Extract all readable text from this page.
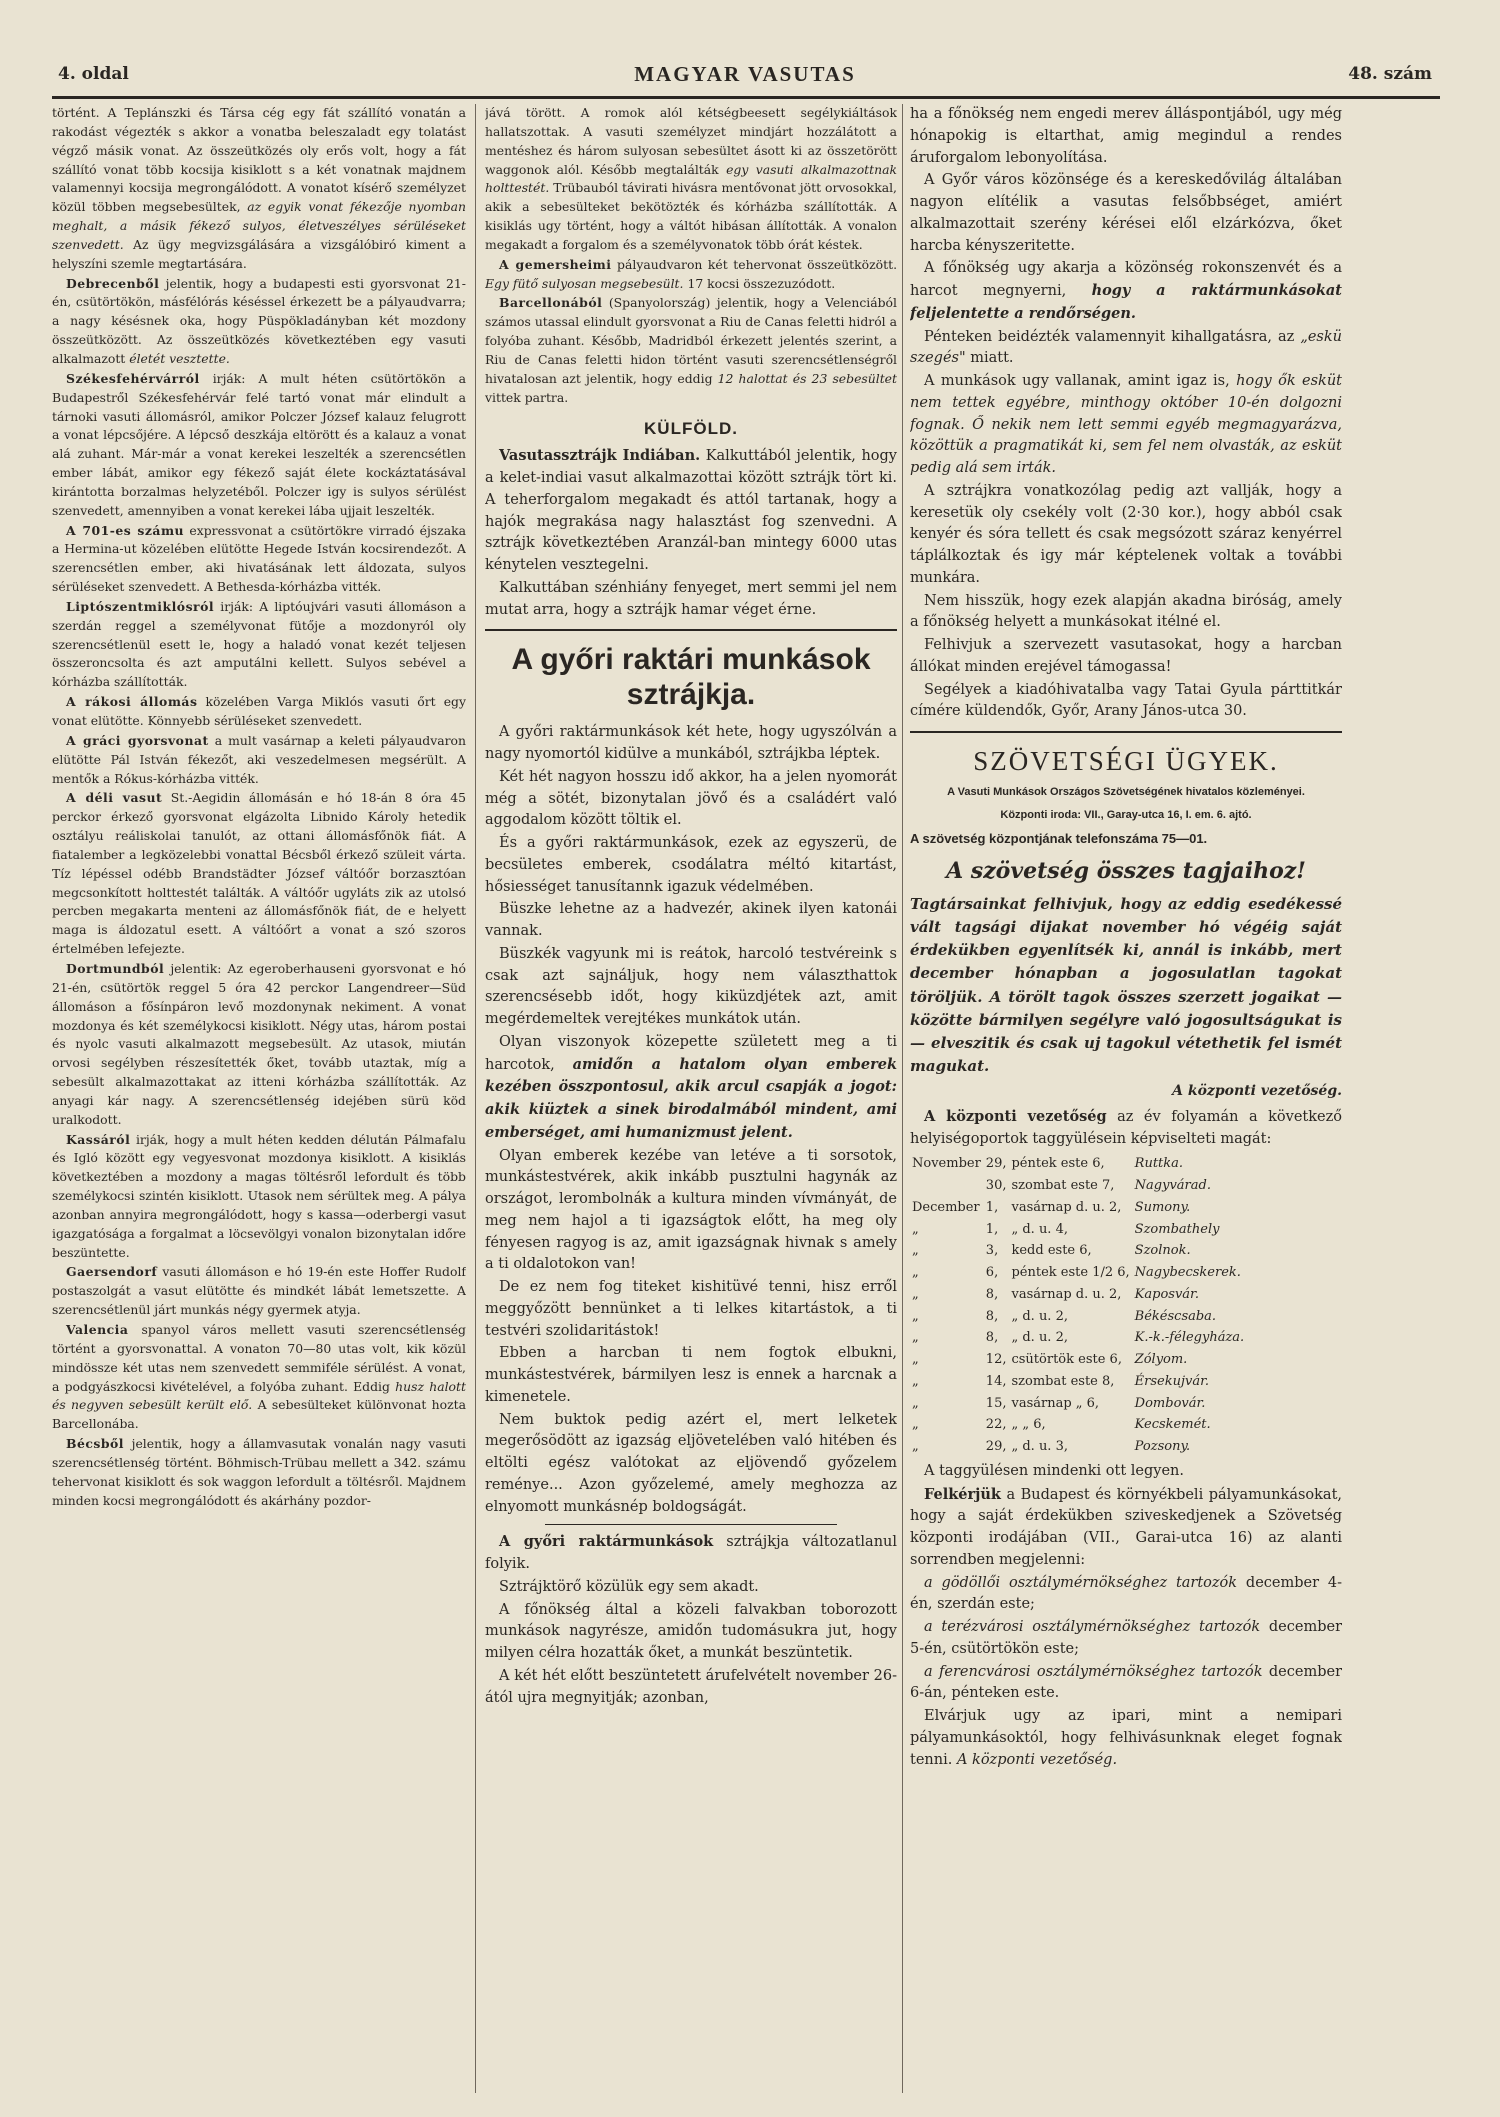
4. oldal	MAGYAR VASUTAS	48. szám

történt. A Teplánszki és Társa cég egy fát szállító vonatán a rakodást végezték s akkor a vonatba beleszaladt egy tolatást végző másik vonat. Az összeütközés oly erős volt, hogy a fát szállító vonat több kocsija kisiklott s a két vonatnak majdnem valamennyi kocsija megrongálódott. A vonatot kísérő személyzet közül többen megsebesültek, az egyik vonat fékezője nyomban meghalt, a másik fékező sulyos, életveszélyes sérüléseket szenvedett. Az ügy megvizsgálására a vizsgálóbiró kiment a helyszíni szemle megtartására.

Debrecenből jelentik, hogy a budapesti esti gyorsvonat 21-én, csütörtökön, másfélórás késéssel érkezett be a pályaudvarra; a nagy késésnek oka, hogy Püspökladányban két mozdony összeütközött. Az összeütközés következtében egy vasuti alkalmazott életét vesztette.

Székesfehérvárról irják: A mult héten csütörtökön a Budapestről Székesfehérvár felé tartó vonat már elindult a tárnoki vasuti állomásról, amikor Polczer József kalauz felugrott a vonat lépcsőjére. A lépcső deszkája eltörött és a kalauz a vonat alá zuhant. Már-már a vonat kerekei leszelték a szerencsétlen ember lábát, amikor egy fékező saját élete kockáztatásával kirántotta borzalmas helyzetéből. Polczer igy is sulyos sérülést szenvedett, amennyiben a vonat kerekei lába ujjait leszelték.

A 701-es számu expressvonat a csütörtökre virradó éjszaka a Hermina-ut közelében elütötte Hegede István kocsirendezőt. A szerencsétlen ember, aki hivatásának lett áldozata, sulyos sérüléseket szenvedett. A Bethesda-kórházba vitték.

Liptószentmiklósról irják: A liptóujvári vasuti állomáson a szerdán reggel a személyvonat fütője a mozdonyról oly szerencsétlenül esett le, hogy a haladó vonat kezét teljesen összeroncsolta és azt amputálni kellett. Sulyos sebével a kórházba szállították.

A rákosi állomás közelében Varga Miklós vasuti őrt egy vonat elütötte. Könnyebb sérüléseket szenvedett.

A gráci gyorsvonat a mult vasárnap a keleti pályaudvaron elütötte Pál István fékezőt, aki veszedelmesen megsérült. A mentők a Rókus-kórházba vitték.

A déli vasut St.-Aegidin állomásán e hó 18-án 8 óra 45 perckor érkező gyorsvonat elgázolta Libnido Károly hetedik osztályu reáliskolai tanulót, az ottani állomásfőnök fiát. A fiatalember a legközelebbi vonattal Bécsből érkező szüleit várta. Tíz lépéssel odébb Brandstädter József váltóőr borzasztóan megcsonkított holttestét találták. A váltóőr ugyláts zik az utolsó percben megakarta menteni az állomásfőnök fiát, de e helyett maga is áldozatul esett. A váltóőrt a vonat a szó szoros értelmében lefejezte.

Dortmundból jelentik: Az egeroberhauseni gyorsvonat e hó 21-én, csütörtök reggel 5 óra 42 perckor Langendreer—Süd állomáson a fősínpáron levő mozdonynak nekiment. A vonat mozdonya és két személykocsi kisiklott. Négy utas, három postai és nyolc vasuti alkalmazott megsebesült. Az utasok, miután orvosi segélyben részesítették őket, tovább utaztak, míg a sebesült alkalmazottakat az itteni kórházba szállították. Az anyagi kár nagy. A szerencsétlenség idejében sürü köd uralkodott.

Kassáról irják, hogy a mult héten kedden délután Pálmafalu és Igló között egy vegyesvonat mozdonya kisiklott. A kisiklás következtében a mozdony a magas töltésről lefordult és több személykocsi szintén kisiklott. Utasok nem sérültek meg. A pálya azonban annyira megrongálódott, hogy s kassa—oderbergi vasut igazgatósága a forgalmat a löcsevölgyi vonalon bizonytalan időre beszüntette.

Gaersendorf vasuti állomáson e hó 19-én este Hoffer Rudolf postaszolgát a vasut elütötte és mindkét lábát lemetszette. A szerencsétlenül járt munkás négy gyermek atyja.

Valencia spanyol város mellett vasuti szerencsétlenség történt a gyorsvonattal. A vonaton 70—80 utas volt, kik közül mindössze két utas nem szenvedett semmiféle sérülést. A vonat, a podgyászkocsi kivételével, a folyóba zuhant. Eddig husz halott és negyven sebesült került elő. A sebesülteket különvonat hozta Barcellonába.

Bécsből jelentik, hogy a államvasutak vonalán nagy vasuti szerencsétlenség történt. Böhmisch-Trübau mellett a 342. számu tehervonat kisiklott és sok waggon lefordult a töltésről. Majdnem minden kocsi megrongálódott és akárhány pozdor-

jává törött. A romok alól kétségbeesett segélykiáltások hallatszottak. A vasuti személyzet mindjárt hozzálátott a mentéshez és három sulyosan sebesültet ásott ki az összetörött waggonok alól. Később megtalálták egy vasuti alkalmazottnak holttestét. Trübauból távirati hivásra mentővonat jött orvosokkal, akik a sebesülteket bekötözték és kórházba szállították. A kisiklás ugy történt, hogy a váltót hibásan állították. A vonalon megakadt a forgalom és a személyvonatok több órát késtek.

A gemersheimi pályaudvaron két tehervonat összeütközött. Egy fütő sulyosan megsebesült. 17 kocsi összezuzódott.

Barcellonából (Spanyolország) jelentik, hogy a Velenciából számos utassal elindult gyorsvonat a Riu de Canas feletti hidról a folyóba zuhant. Később, Madridból érkezett jelentés szerint, a Riu de Canas feletti hidon történt vasuti szerencsétlenségről hivatalosan azt jelentik, hogy eddig 12 halottat és 23 sebesültet vittek partra.

KÜLFÖLD.

Vasutassztrájk Indiában. Kalkuttából jelentik, hogy a kelet-indiai vasut alkalmazottai között sztrájk tört ki. A teherforgalom megakadt és attól tartanak, hogy a hajók megrakása nagy halasztást fog szenvedni. A sztrájk következtében Aranzál-ban mintegy 6000 utas kénytelen vesztegelni.

Kalkuttában szénhiány fenyeget, mert semmi jel nem mutat arra, hogy a sztrájk hamar véget érne.

A győri raktári munkások sztrájkja.

A győri raktármunkások két hete, hogy ugyszólván a nagy nyomortól kidülve a munkából, sztrájkba léptek.

Két hét nagyon hosszu idő akkor, ha a jelen nyomorát még a sötét, bizonytalan jövő és a családért való aggodalom között töltik el.

És a győri raktármunkások, ezek az egyszerü, de becsületes emberek, csodálatra méltó kitartást, hősiességet tanusítannk igazuk védelmében.

Büszke lehetne az a hadvezér, akinek ilyen katonái vannak.

Büszkék vagyunk mi is reátok, harcoló testvéreink s csak azt sajnáljuk, hogy nem választhattok szerencsésebb időt, hogy kiküzdjétek azt, amit megérdemeltek verejtékes munkátok után.

Olyan viszonyok közepette született meg a ti harcotok, amidőn a hatalom olyan emberek kezében összpontosul, akik arcul csapják a jogot: akik kiüztek a sinek birodalmából mindent, ami emberséget, ami humanizmust jelent.

Olyan emberek kezébe van letéve a ti sorsotok, munkástestvérek, akik inkább pusztulni hagynák az országot, lerombolnák a kultura minden vívmányát, de meg nem hajol a ti igazságtok előtt, ha meg oly fényesen ragyog is az, amit igazságnak hivnak s amely a ti oldalotokon van!

De ez nem fog titeket kishitüvé tenni, hisz erről meggyőzött bennünket a ti lelkes kitartástok, a ti testvéri szolidaritástok!

Ebben a harcban ti nem fogtok elbukni, munkástestvérek, bármilyen lesz is ennek a harcnak a kimenetele.

Nem buktok pedig azért el, mert lelketek megerősödött az igazság eljövetelében való hitében és eltölti egész valótokat az eljövendő győzelem reménye... Azon győzelemé, amely meghozza az elnyomott munkásnép boldogságát.

A győri raktármunkások sztrájkja változatlanul folyik.

Sztrájktörő közülük egy sem akadt.

A főnökség által a közeli falvakban toborozott munkások nagyrésze, amidőn tudomásukra jut, hogy milyen célra hozatták őket, a munkát beszüntetik.

A két hét előtt beszüntetett árufelvételt november 26-ától ujra megnyitják; azonban,

ha a főnökség nem engedi merev álláspontjából, ugy még hónapokig is eltarthat, amig megindul a rendes áruforgalom lebonyolítása.

A Győr város közönsége és a kereskedővilág általában nagyon elítélik a vasutas felsőbbséget, amiért alkalmazottait szerény kérései elől elzárkózva, őket harcba kényszeritette.

A főnökség ugy akarja a közönség rokonszenvét és a harcot megnyerni, hogy a raktármunkásokat feljelentette a rendőrségen.

Pénteken beidézték valamennyit kihallgatásra, az „eskü szegés" miatt.

A munkások ugy vallanak, amint igaz is, hogy ők esküt nem tettek egyébre, minthogy október 10-én dolgozni fognak. Ő nekik nem lett semmi egyéb megmagyarázva, közöttük a pragmatikát ki, sem fel nem olvasták, az esküt pedig alá sem irták.

A sztrájkra vonatkozólag pedig azt vallják, hogy a keresetük oly csekély volt (2·30 kor.), hogy abból csak kenyér és sóra tellett és csak megsózott száraz kenyérrel táplálkoztak és igy már képtelenek voltak a további munkára.

Nem hisszük, hogy ezek alapján akadna biróság, amely a főnökség helyett a munkásokat itélné el.

Felhivjuk a szervezett vasutasokat, hogy a harcban állókat minden erejével támogassa!

Segélyek a kiadóhivatalba vagy Tatai Gyula párttitkár címére küldendők, Győr, Arany János-utca 30.

SZÖVETSÉGI ÜGYEK.
A Vasuti Munkások Országos Szövetségének hivatalos közleményei.
Központi iroda: VII., Garay-utca 16, I. em. 6. ajtó.
A szövetség központjának telefonszáma 75—01.
A szövetség összes tagjaihoz!
Tagtársainkat felhivjuk, hogy az eddig esedékessé vált tagsági dijakat november hó végéig saját érdekükben egyenlítsék ki, annál is inkább, mert december hónapban a jogosulatlan tagokat töröljük. A törölt tagok összes szerzett jogaikat — közötte bármilyen segélyre való jogosultságukat is — elveszitik és csak uj tagokul vétethetik fel ismét magukat.
A központi vezetőség.

A központi vezetőség az év folyamán a következő helyiségoportok taggyülésein képviselteti magát:

November	29,	péntek este 6,	Ruttka.
	30,	szombat este 7,	Nagyvárad.
December	1,	vasárnap d. u. 2,	Sumony.
„	1,	„ d. u. 4,	Szombathely
„	3,	kedd este 6,	Szolnok.
„	6,	péntek este 1/2 6,	Nagybecskerek.
„	8,	vasárnap d. u. 2,	Kaposvár.
„	8,	„ d. u. 2,	Békéscsaba.
„	8,	„ d. u. 2,	K.-k.-félegyháza.
„	12,	csütörtök este 6,	Zólyom.
„	14,	szombat este 8,	Érsekujvár.
„	15,	vasárnap „ 6,	Dombovár.
„	22,	„ „ 6,	Kecskemét.
„	29,	„ d. u. 3,	Pozsony.

A taggyülésen mindenki ott legyen.

Felkérjük a Budapest és környékbeli pályamunkásokat, hogy a saját érdekükben sziveskedjenek a Szövetség központi irodájában (VII., Garai-utca 16) az alanti sorrendben megjelenni:

a gödöllői osztálymérnökséghez tartozók december 4-én, szerdán este;

a terézvárosi osztálymérnökséghez tartozók december 5-én, csütörtökön este;

a ferencvárosi osztálymérnökséghez tartozók december 6-án, pénteken este.

Elvárjuk ugy az ipari, mint a nemipari pályamunkásoktól, hogy felhivásunknak eleget fognak tenni. A központi vezetőség.
